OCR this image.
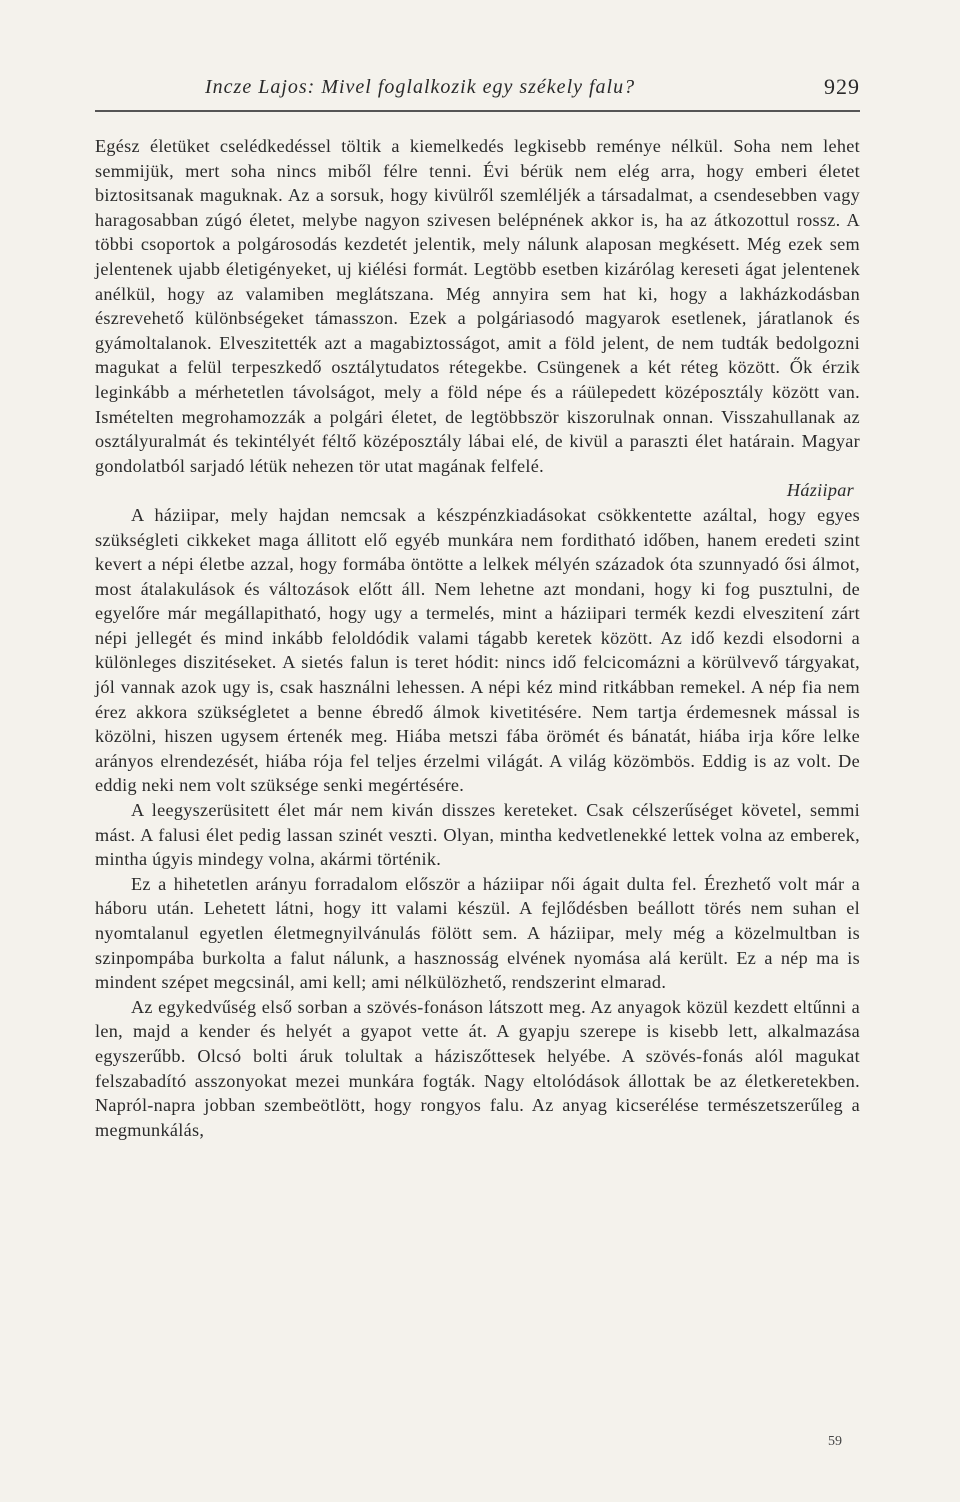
Incze Lajos: Mivel foglalkozik egy székely falu?	929

Egész életüket cselédkedéssel töltik a kiemelkedés legkisebb reménye nélkül. Soha nem lehet semmijük, mert soha nincs miből félre tenni. Évi bérük nem elég arra, hogy emberi életet biztositsanak maguknak. Az a sorsuk, hogy kivülről szemléljék a társadalmat, a csendesebben vagy haragosabban zúgó életet, melybe nagyon szivesen belépnének akkor is, ha az átkozottul rossz. A többi csoportok a polgárosodás kezdetét jelentik, mely nálunk alaposan megkésett. Még ezek sem jelentenek ujabb életigényeket, uj kiélési formát. Legtöbb esetben kizárólag kereseti ágat jelentenek anélkül, hogy az valamiben meglátszana. Még annyira sem hat ki, hogy a lakházkodásban észrevehető különbségeket támasszon. Ezek a polgáriasodó magyarok esetlenek, járatlanok és gyámoltalanok. Elveszitették azt a magabiztosságot, amit a föld jelent, de nem tudták bedolgozni magukat a felül terpeszkedő osztálytudatos rétegekbe. Csüngenek a két réteg között. Ők érzik leginkább a mérhetetlen távolságot, mely a föld népe és a ráülepedett középosztály között van. Ismételten megrohamozzák a polgári életet, de legtöbbször kiszorulnak onnan. Visszahullanak az osztályuralmát és tekintélyét féltő középosztály lábai elé, de kivül a paraszti élet határain. Magyar gondolatból sarjadó létük nehezen tör utat magának felfelé.

Háziipar

A háziipar, mely hajdan nemcsak a készpénzkiadásokat csökkentette azáltal, hogy egyes szükségleti cikkeket maga állitott elő egyéb munkára nem forditható időben, hanem eredeti szint kevert a népi életbe azzal, hogy formába öntötte a lelkek mélyén századok óta szunnyadó ősi álmot, most átalakulások és változások előtt áll. Nem lehetne azt mondani, hogy ki fog pusztulni, de egyelőre már megállapitható, hogy ugy a termelés, mint a háziipari termék kezdi elveszitení zárt népi jellegét és mind inkább feloldódik valami tágabb keretek között. Az idő kezdi elsodorni a különleges diszitéseket. A sietés falun is teret hódit: nincs idő felcicomázni a körülvevő tárgyakat, jól vannak azok ugy is, csak használni lehessen. A népi kéz mind ritkábban remekel. A nép fia nem érez akkora szükségletet a benne ébredő álmok kivetitésére. Nem tartja érdemesnek mással is közölni, hiszen ugysem értenék meg. Hiába metszi fába örömét és bánatát, hiába irja kőre lelke arányos elrendezését, hiába rója fel teljes érzelmi világát. A világ közömbös. Eddig is az volt. De eddig neki nem volt szüksége senki megértésére.

A leegyszerüsitett élet már nem kiván disszes kereteket. Csak célszerűséget követel, semmi mást. A falusi élet pedig lassan szinét veszti. Olyan, mintha kedvetlenekké lettek volna az emberek, mintha úgyis mindegy volna, akármi történik.

Ez a hihetetlen arányu forradalom először a háziipar női ágait dulta fel. Érezhető volt már a háboru után. Lehetett látni, hogy itt valami készül. A fejlődésben beállott törés nem suhan el nyomtalanul egyetlen életmegnyilvánulás fölött sem. A háziipar, mely még a közelmultban is szinpompába burkolta a falut nálunk, a hasznosság elvének nyomása alá került. Ez a nép ma is mindent szépet megcsinál, ami kell; ami nélkülözhető, rendszerint elmarad.

Az egykedvűség első sorban a szövés-fonáson látszott meg. Az anyagok közül kezdett eltűnni a len, majd a kender és helyét a gyapot vette át. A gyapju szerepe is kisebb lett, alkalmazása egyszerűbb. Olcsó bolti áruk tolultak a háziszőttesek helyébe. A szövés-fonás alól magukat felszabadító asszonyokat mezei munkára fogták. Nagy eltolódások állottak be az életkeretekben. Napról-napra jobban szembeötlött, hogy rongyos falu. Az anyag kicserélése természetszerűleg a megmunkálás,

59
